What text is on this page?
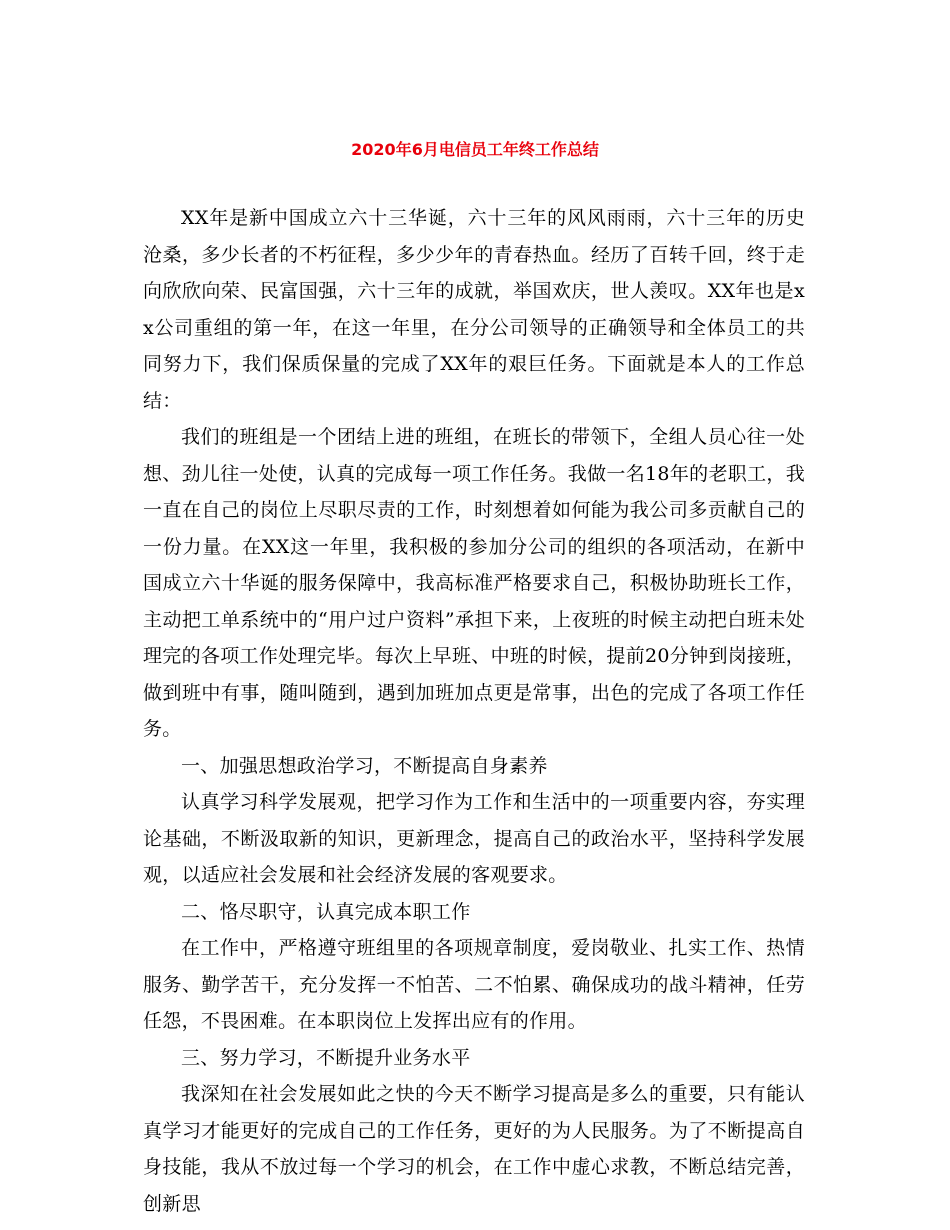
2020年6月电信员工年终工作总结

XX年是新中国成立六十三华诞，六十三年的风风雨雨，六十三年的历史沧桑，多少长者的不朽征程，多少少年的青春热血。经历了百转千回，终于走向欣欣向荣、民富国强，六十三年的成就，举国欢庆，世人羡叹。XX年也是xx公司重组的第一年，在这一年里，在分公司领导的正确领导和全体员工的共同努力下，我们保质保量的完成了XX年的艰巨任务。下面就是本人的工作总结：

我们的班组是一个团结上进的班组，在班长的带领下，全组人员心往一处想、劲儿往一处使，认真的完成每一项工作任务。我做一名18年的老职工，我一直在自己的岗位上尽职尽责的工作，时刻想着如何能为我公司多贡献自己的一份力量。在XX这一年里，我积极的参加分公司的组织的各项活动，在新中国成立六十华诞的服务保障中，我高标准严格要求自己，积极协助班长工作，主动把工单系统中的“用户过户资料”承担下来，上夜班的时候主动把白班未处理完的各项工作处理完毕。每次上早班、中班的时候，提前20分钟到岗接班，做到班中有事，随叫随到，遇到加班加点更是常事，出色的完成了各项工作任务。

一、加强思想政治学习，不断提高自身素养

认真学习科学发展观，把学习作为工作和生活中的一项重要内容，夯实理论基础，不断汲取新的知识，更新理念，提高自己的政治水平，坚持科学发展观，以适应社会发展和社会经济发展的客观要求。

二、恪尽职守，认真完成本职工作

在工作中，严格遵守班组里的各项规章制度，爱岗敬业、扎实工作、热情服务、勤学苦干，充分发挥一不怕苦、二不怕累、确保成功的战斗精神，任劳任怨，不畏困难。在本职岗位上发挥出应有的作用。

三、努力学习，不断提升业务水平

我深知在社会发展如此之快的今天不断学习提高是多么的重要，只有能认真学习才能更好的完成自己的工作任务，更好的为人民服务。为了不断提高自身技能，我从不放过每一个学习的机会，在工作中虚心求教，不断总结完善，创新思
